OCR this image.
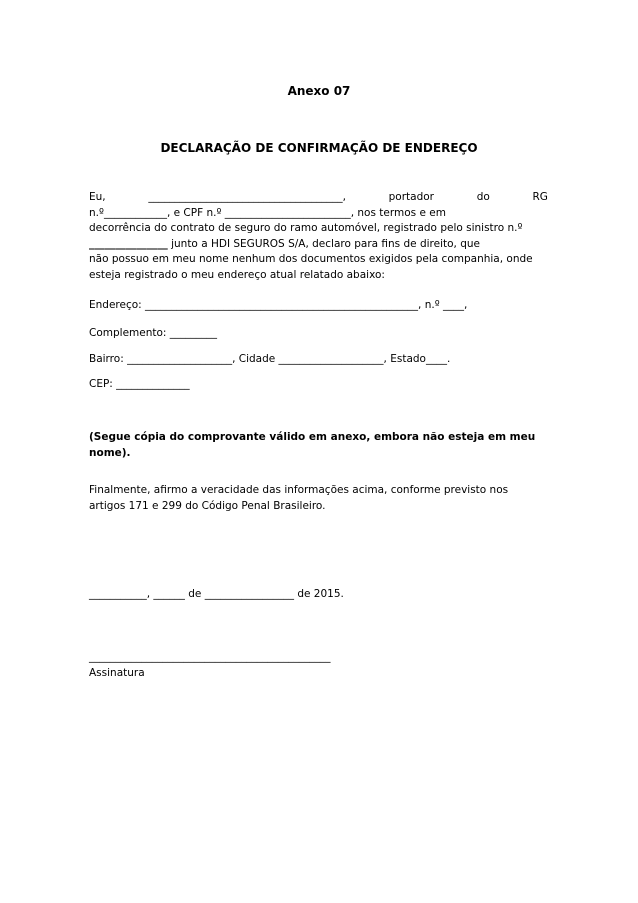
Anexo 07
DECLARAÇÃO DE CONFIRMAÇÃO DE ENDEREÇO
Eu,	_____________________________________,	portador	do	RG
n.º____________, e CPF n.º ________________________, nos termos e em
decorrência do contrato de seguro do ramo automóvel, registrado pelo sinistro n.º
_______________ junto a HDI SEGUROS S/A, declaro para fins de direito, que
não possuo em meu nome nenhum dos documentos exigidos pela companhia, onde
esteja registrado o meu endereço atual relatado abaixo:
Endereço: ____________________________________________________, n.º ____,
Complemento: _________
Bairro: ____________________, Cidade ____________________, Estado____.
CEP: ______________
(Segue cópia do comprovante válido em anexo, embora não esteja em meu
nome).
Finalmente, afirmo a veracidade das informações acima, conforme previsto nos
artigos 171 e 299 do Código Penal Brasileiro.
___________, ______ de _________________ de 2015.
______________________________________________
Assinatura
